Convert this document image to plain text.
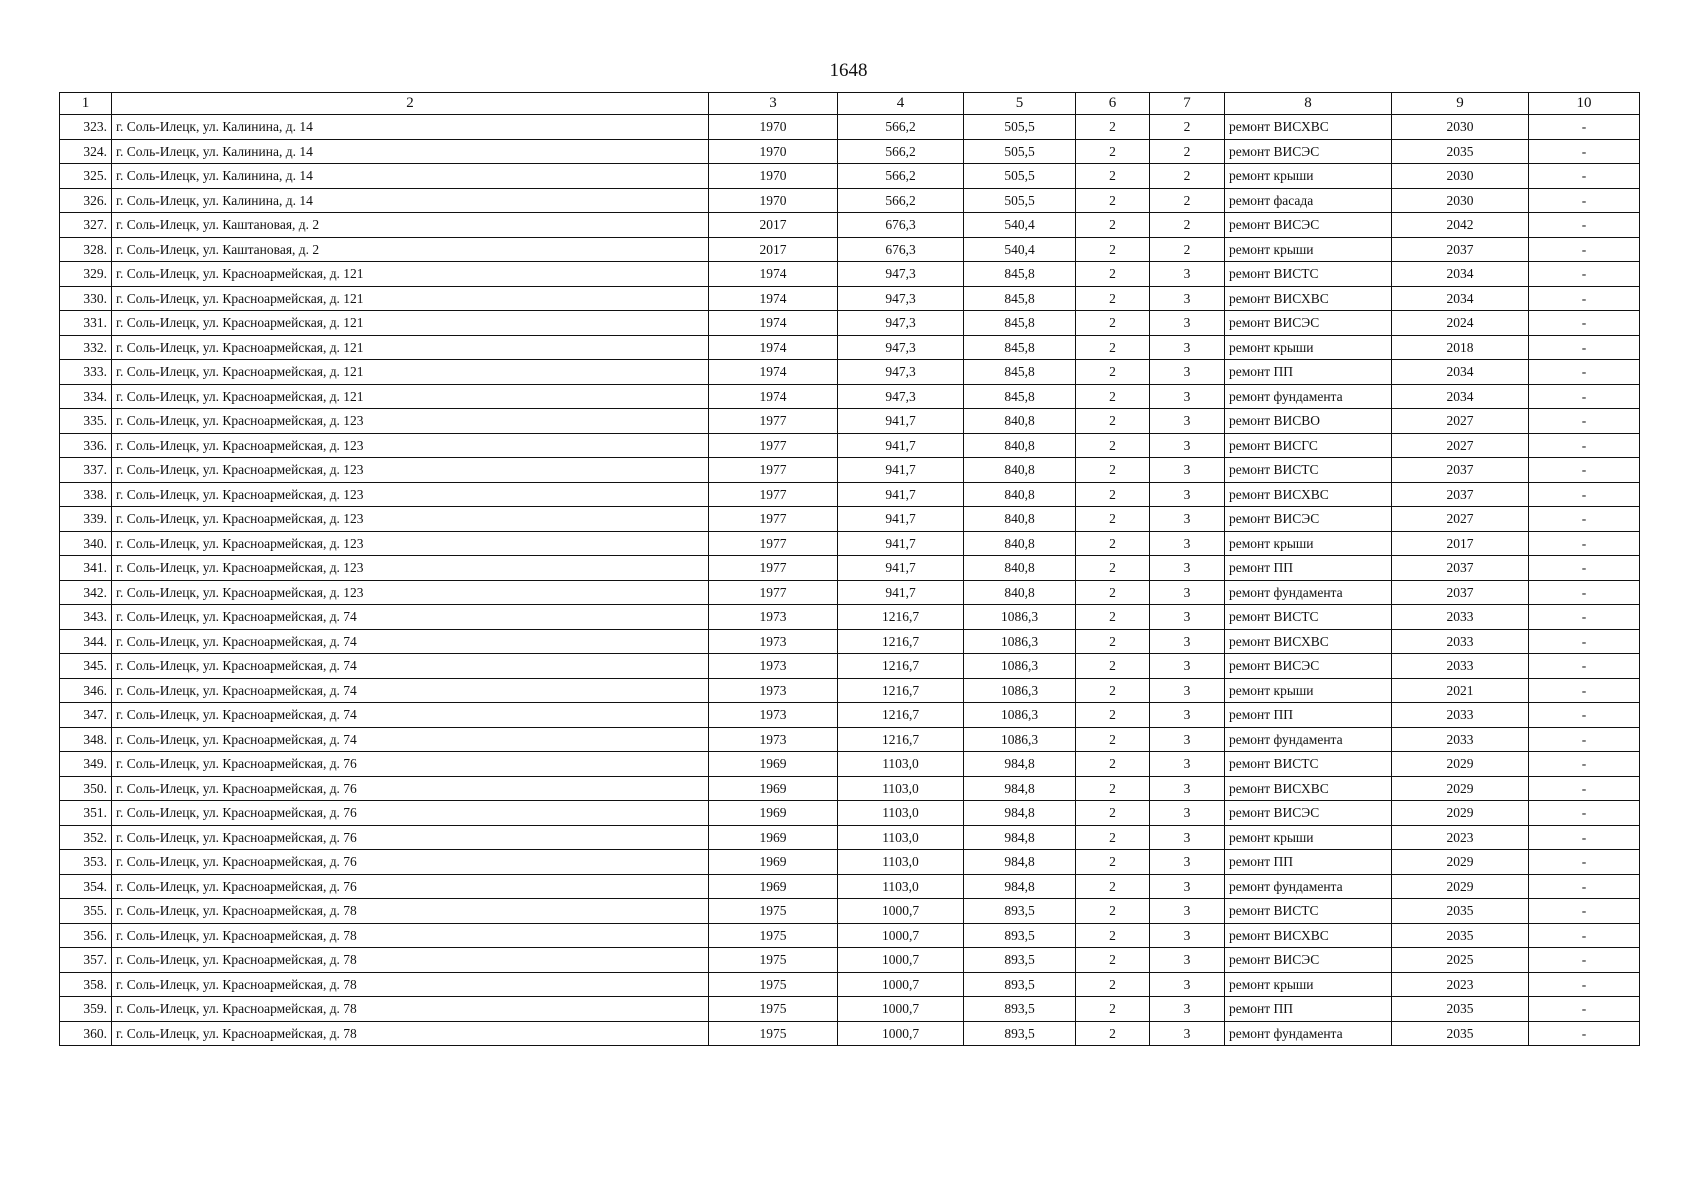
1648
1	2	3	4	5	6	7	8	9	10
323.	г. Соль-Илецк, ул. Калинина, д. 14	1970	566,2	505,5	2	2	ремонт ВИСХВС	2030	-
324.	г. Соль-Илецк, ул. Калинина, д. 14	1970	566,2	505,5	2	2	ремонт ВИСЭС	2035	-
325.	г. Соль-Илецк, ул. Калинина, д. 14	1970	566,2	505,5	2	2	ремонт крыши	2030	-
326.	г. Соль-Илецк, ул. Калинина, д. 14	1970	566,2	505,5	2	2	ремонт фасада	2030	-
327.	г. Соль-Илецк, ул. Каштановая, д. 2	2017	676,3	540,4	2	2	ремонт ВИСЭС	2042	-
328.	г. Соль-Илецк, ул. Каштановая, д. 2	2017	676,3	540,4	2	2	ремонт крыши	2037	-
329.	г. Соль-Илецк, ул. Красноармейская, д. 121	1974	947,3	845,8	2	3	ремонт ВИСТС	2034	-
330.	г. Соль-Илецк, ул. Красноармейская, д. 121	1974	947,3	845,8	2	3	ремонт ВИСХВС	2034	-
331.	г. Соль-Илецк, ул. Красноармейская, д. 121	1974	947,3	845,8	2	3	ремонт ВИСЭС	2024	-
332.	г. Соль-Илецк, ул. Красноармейская, д. 121	1974	947,3	845,8	2	3	ремонт крыши	2018	-
333.	г. Соль-Илецк, ул. Красноармейская, д. 121	1974	947,3	845,8	2	3	ремонт ПП	2034	-
334.	г. Соль-Илецк, ул. Красноармейская, д. 121	1974	947,3	845,8	2	3	ремонт фундамента	2034	-
335.	г. Соль-Илецк, ул. Красноармейская, д. 123	1977	941,7	840,8	2	3	ремонт ВИСВО	2027	-
336.	г. Соль-Илецк, ул. Красноармейская, д. 123	1977	941,7	840,8	2	3	ремонт ВИСГС	2027	-
337.	г. Соль-Илецк, ул. Красноармейская, д. 123	1977	941,7	840,8	2	3	ремонт ВИСТС	2037	-
338.	г. Соль-Илецк, ул. Красноармейская, д. 123	1977	941,7	840,8	2	3	ремонт ВИСХВС	2037	-
339.	г. Соль-Илецк, ул. Красноармейская, д. 123	1977	941,7	840,8	2	3	ремонт ВИСЭС	2027	-
340.	г. Соль-Илецк, ул. Красноармейская, д. 123	1977	941,7	840,8	2	3	ремонт крыши	2017	-
341.	г. Соль-Илецк, ул. Красноармейская, д. 123	1977	941,7	840,8	2	3	ремонт ПП	2037	-
342.	г. Соль-Илецк, ул. Красноармейская, д. 123	1977	941,7	840,8	2	3	ремонт фундамента	2037	-
343.	г. Соль-Илецк, ул. Красноармейская, д. 74	1973	1216,7	1086,3	2	3	ремонт ВИСТС	2033	-
344.	г. Соль-Илецк, ул. Красноармейская, д. 74	1973	1216,7	1086,3	2	3	ремонт ВИСХВС	2033	-
345.	г. Соль-Илецк, ул. Красноармейская, д. 74	1973	1216,7	1086,3	2	3	ремонт ВИСЭС	2033	-
346.	г. Соль-Илецк, ул. Красноармейская, д. 74	1973	1216,7	1086,3	2	3	ремонт крыши	2021	-
347.	г. Соль-Илецк, ул. Красноармейская, д. 74	1973	1216,7	1086,3	2	3	ремонт ПП	2033	-
348.	г. Соль-Илецк, ул. Красноармейская, д. 74	1973	1216,7	1086,3	2	3	ремонт фундамента	2033	-
349.	г. Соль-Илецк, ул. Красноармейская, д. 76	1969	1103,0	984,8	2	3	ремонт ВИСТС	2029	-
350.	г. Соль-Илецк, ул. Красноармейская, д. 76	1969	1103,0	984,8	2	3	ремонт ВИСХВС	2029	-
351.	г. Соль-Илецк, ул. Красноармейская, д. 76	1969	1103,0	984,8	2	3	ремонт ВИСЭС	2029	-
352.	г. Соль-Илецк, ул. Красноармейская, д. 76	1969	1103,0	984,8	2	3	ремонт крыши	2023	-
353.	г. Соль-Илецк, ул. Красноармейская, д. 76	1969	1103,0	984,8	2	3	ремонт ПП	2029	-
354.	г. Соль-Илецк, ул. Красноармейская, д. 76	1969	1103,0	984,8	2	3	ремонт фундамента	2029	-
355.	г. Соль-Илецк, ул. Красноармейская, д. 78	1975	1000,7	893,5	2	3	ремонт ВИСТС	2035	-
356.	г. Соль-Илецк, ул. Красноармейская, д. 78	1975	1000,7	893,5	2	3	ремонт ВИСХВС	2035	-
357.	г. Соль-Илецк, ул. Красноармейская, д. 78	1975	1000,7	893,5	2	3	ремонт ВИСЭС	2025	-
358.	г. Соль-Илецк, ул. Красноармейская, д. 78	1975	1000,7	893,5	2	3	ремонт крыши	2023	-
359.	г. Соль-Илецк, ул. Красноармейская, д. 78	1975	1000,7	893,5	2	3	ремонт ПП	2035	-
360.	г. Соль-Илецк, ул. Красноармейская, д. 78	1975	1000,7	893,5	2	3	ремонт фундамента	2035	-
